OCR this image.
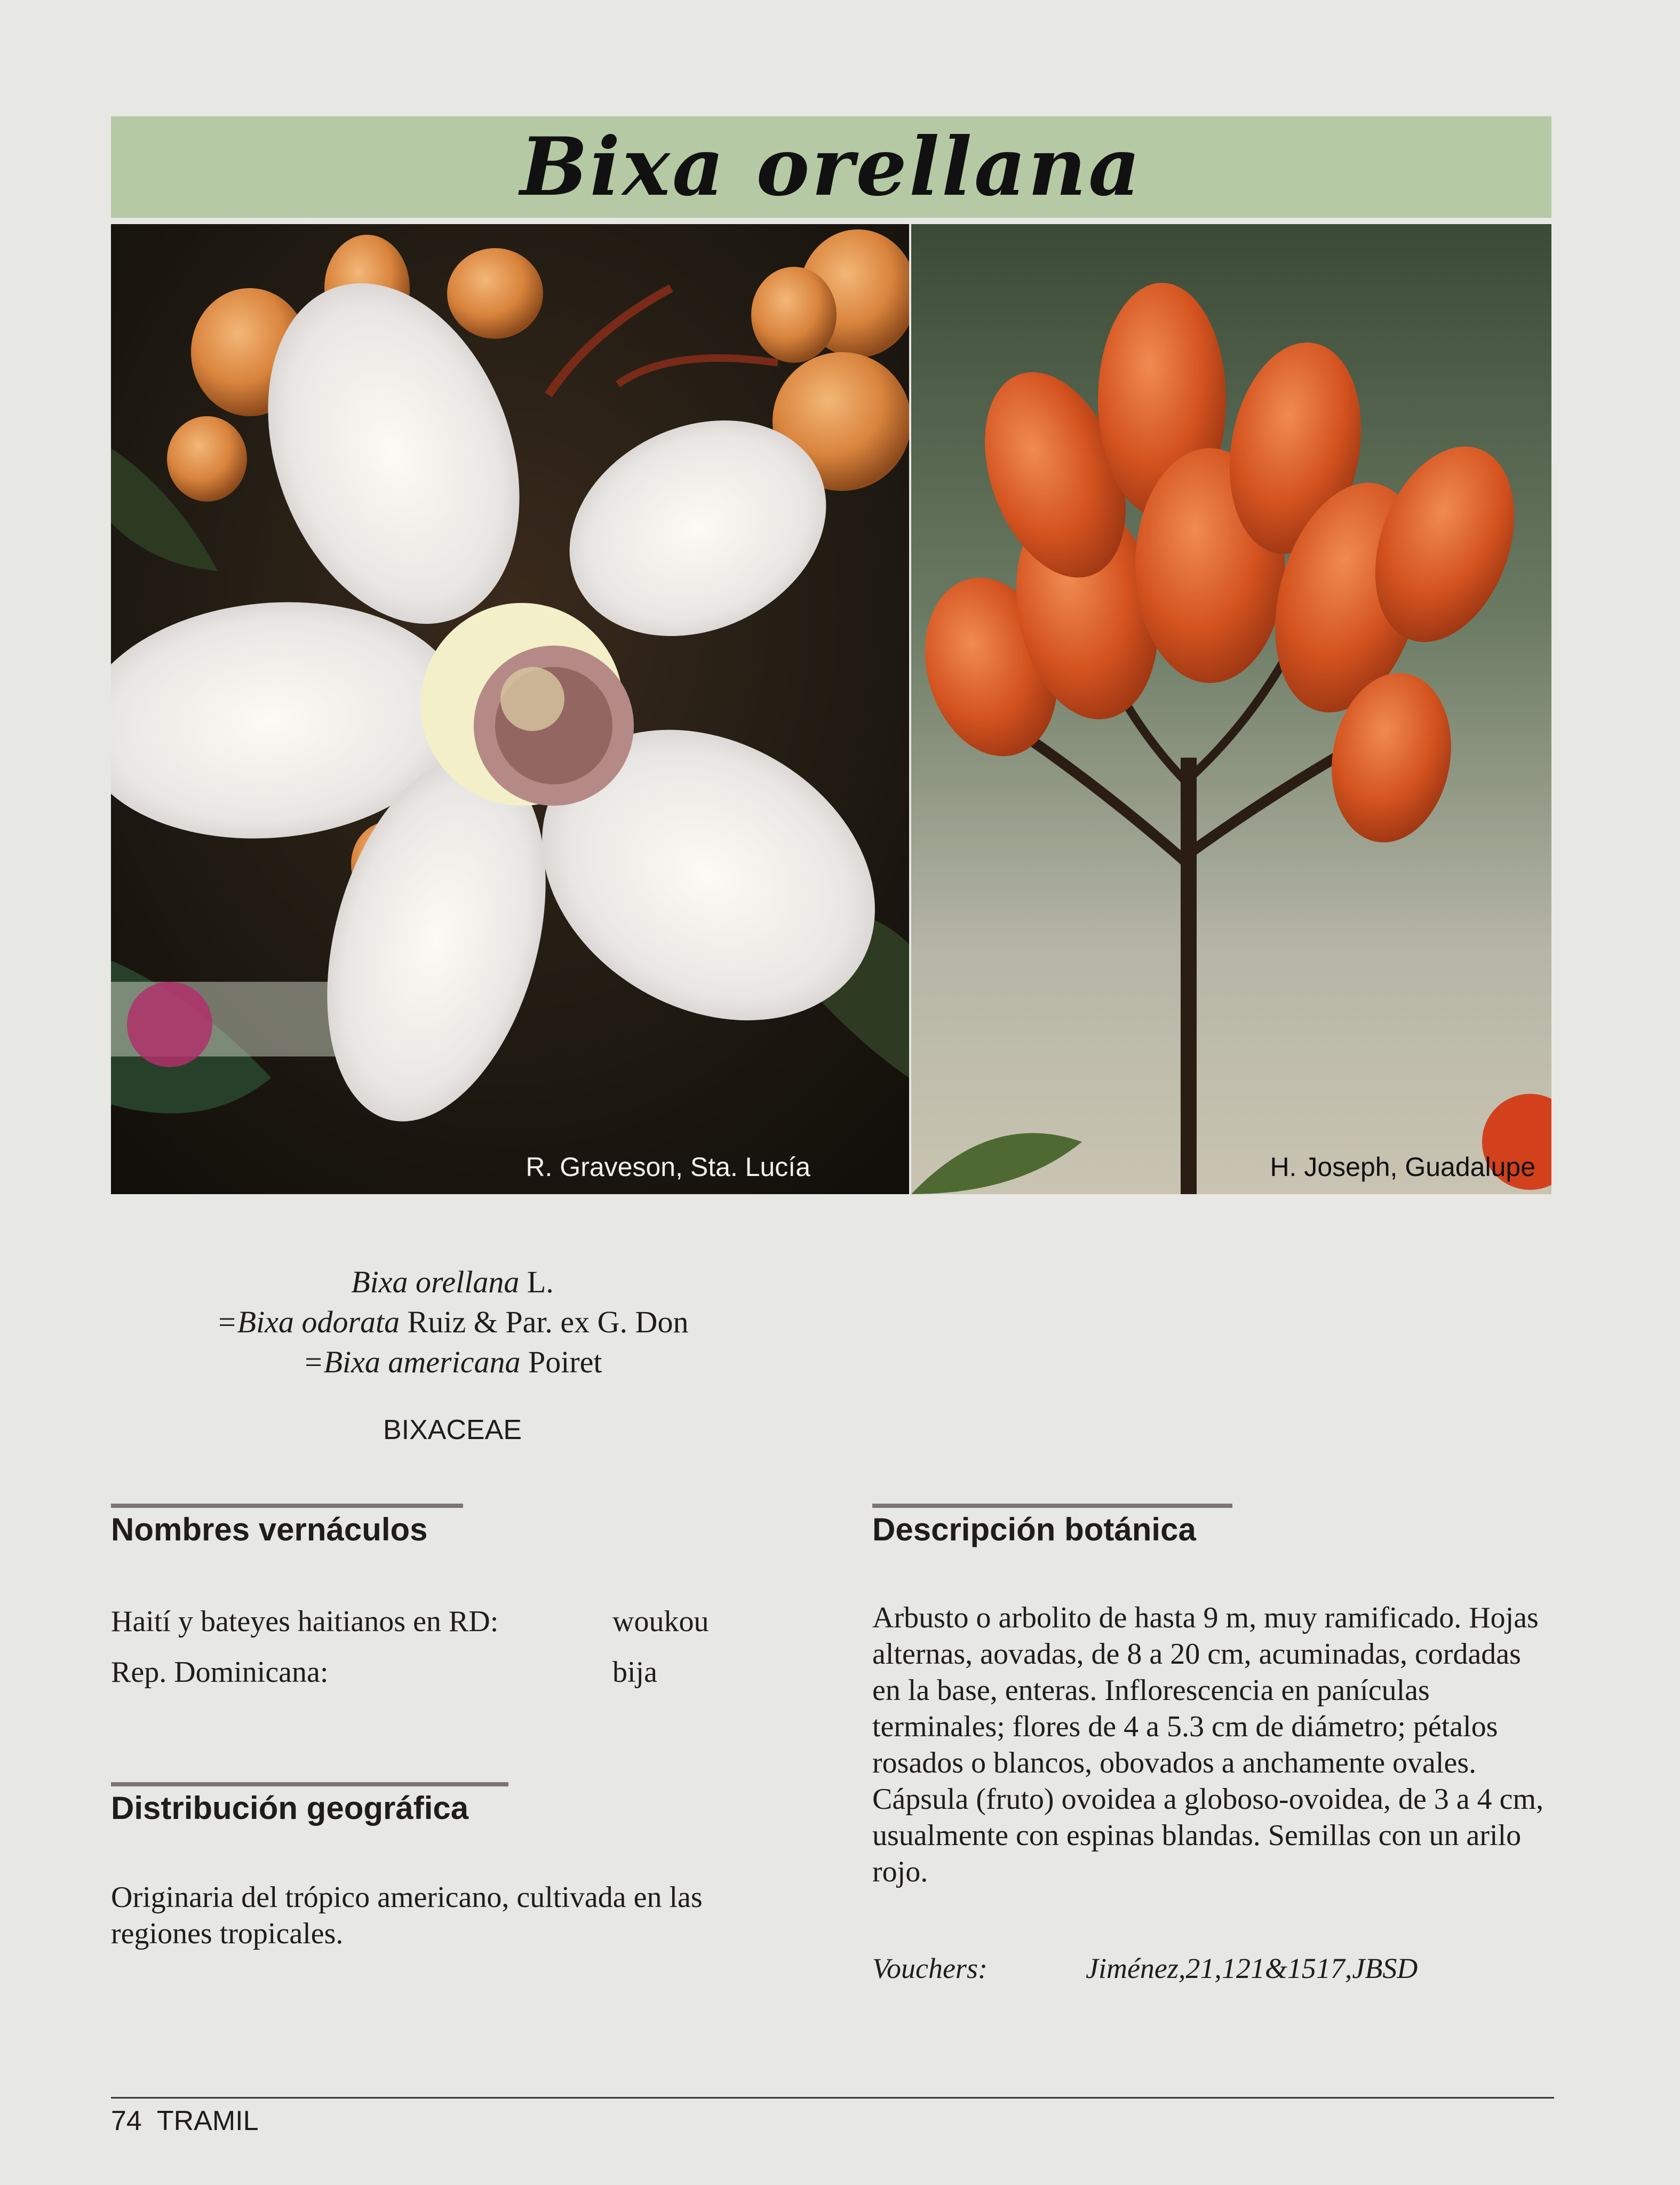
Bixa orellana
R. Graveson, Sta. Lucía	H. Joseph, Guadalupe
Bixa orellana L.
=Bixa odorata Ruiz & Par. ex G. Don
=Bixa americana Poiret
BIXACEAE
Nombres vernáculos
Haití y bateyes haitianos en RD:	woukou
Rep. Dominicana:	bija
Distribución geográfica
Originaria del trópico americano, cultivada en las regiones tropicales.
Descripción botánica
Arbusto o arbolito de hasta 9 m, muy ramificado. Hojas alternas, aovadas, de 8 a 20 cm, acuminadas, cordadas en la base, enteras. Inflorescencia en panículas terminales; flores de 4 a 5.3 cm de diámetro; pétalos rosados o blancos, obovados a anchamente ovales. Cápsula (fruto) ovoidea a globoso-ovoidea, de 3 a 4 cm, usualmente con espinas blandas. Semillas con un arilo rojo.
Vouchers:	Jiménez,21,121&1517,JBSD
74 TRAMIL
